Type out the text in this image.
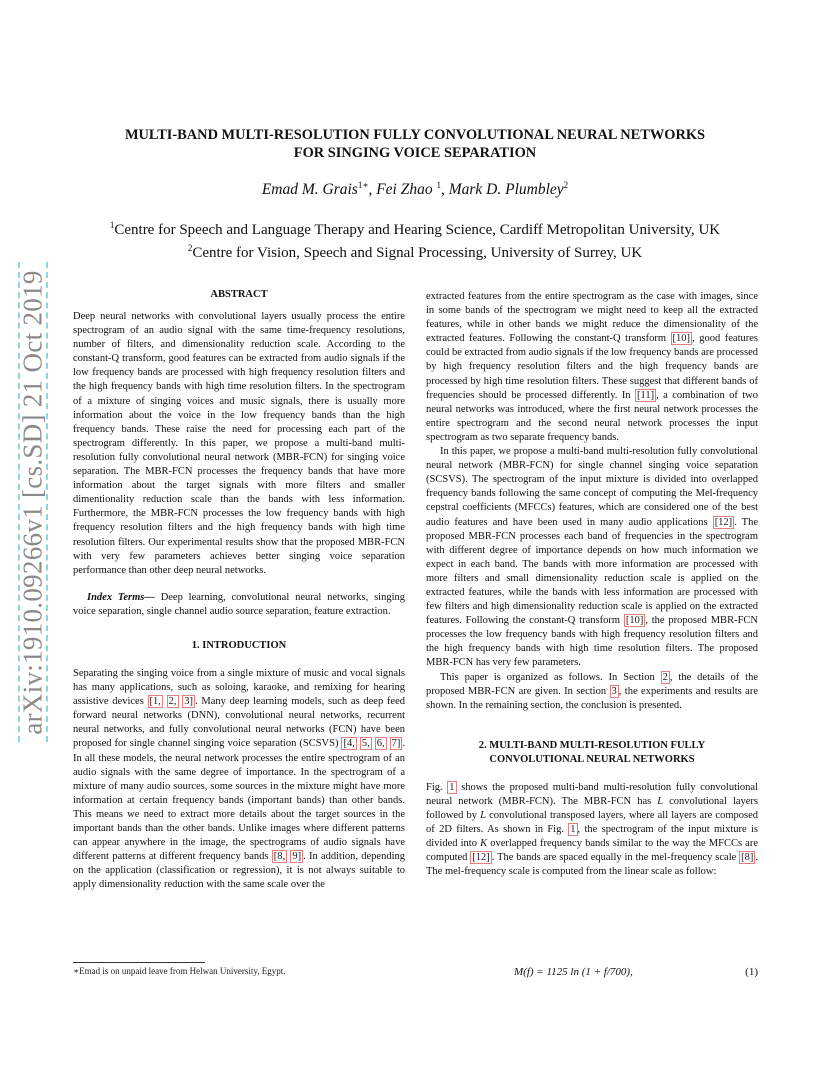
arXiv:1910.09266v1 [cs.SD] 21 Oct 2019
MULTI-BAND MULTI-RESOLUTION FULLY CONVOLUTIONAL NEURAL NETWORKS
FOR SINGING VOICE SEPARATION
Emad M. Grais$^{1∗}$, Fei Zhao $^1$, Mark D. Plumbley$^2$
$^1$Centre for Speech and Language Therapy and Hearing Science, Cardiff Metropolitan University, UK
$^2$Centre for Vision, Speech and Signal Processing, University of Surrey, UK
ABSTRACT

Deep neural networks with convolutional layers usually process the entire spectrogram of an audio signal with the same time-frequency resolutions, number of filters, and dimensionality reduction scale. According to the constant-Q transform, good features can be extracted from audio signals if the low frequency bands are processed with high frequency resolution filters and the high frequency bands with high time resolution filters. In the spectrogram of a mixture of singing voices and music signals, there is usually more information about the voice in the low frequency bands than the high frequency bands. These raise the need for processing each part of the spectrogram differently. In this paper, we propose a multi-band multi-resolution fully convolutional neural network (MBR-FCN) for singing voice separation. The MBR-FCN processes the frequency bands that have more information about the target signals with more filters and smaller dimentionality reduction scale than the bands with less information. Furthermore, the MBR-FCN processes the low frequency bands with high frequency resolution filters and the high frequency bands with high time resolution filters. Our experimental results show that the proposed MBR-FCN with very few parameters achieves better singing voice separation performance than other deep neural networks.

Index Terms— Deep learning, convolutional neural networks, singing voice separation, single channel audio source separation, feature extraction.

1. INTRODUCTION

Separating the singing voice from a single mixture of music and vocal signals has many applications, such as soloing, karaoke, and remixing for hearing assistive devices [1, 2, 3] . Many deep learning models, such as deep feed forward neural networks (DNN), convolutional neural networks, recurrent neural networks, and fully convolutional neural networks (FCN) have been proposed for single channel singing voice separation (SCSVS) [4, 5, 6, 7] . In all these models, the neural network processes the entire spectrogram of an audio signals with the same degree of importance. In the spectrogram of a mixture of many audio sources, some sources in the mixture might have more information at certain frequency bands (important bands) than other bands. This means we need to extract more details about the target sources in the important bands than the other bands. Unlike images where different patterns can appear anywhere in the image, the spectrograms of audio signals have different patterns at different frequency bands [8, 9] . In addition, depending on the application (classification or regression), it is not always suitable to apply dimensionality reduction with the same scale over the

extracted features from the entire spectrogram as the case with images, since in some bands of the spectrogram we might need to keep all the extracted features, while in other bands we might reduce the dimensionality of the extracted features. Following the constant-Q transform [10] , good features could be extracted from audio signals if the low frequency bands are processed by high frequency resolution filters and the high frequency bands are processed by high time resolution filters. These suggest that different bands of frequencies should be processed differently. In [11] , a combination of two neural networks was introduced, where the first neural network processes the entire spectrogram and the second neural network processes the input spectrogram as two separate frequency bands.

In this paper, we propose a multi-band multi-resolution fully convolutional neural network (MBR-FCN) for single channel singing voice separation (SCSVS). The spectrogram of the input mixture is divided into overlapped frequency bands following the same concept of computing the Mel-frequency cepstral coefficients (MFCCs) features, which are considered one of the best audio features and have been used in many audio applications [12] . The proposed MBR-FCN processes each band of frequencies in the spectrogram with different degree of importance depends on how much information we expect in each band. The bands with more information are processed with more filters and small dimensionality reduction scale is applied on the extracted features, while the bands with less information are processed with few filters and high dimensionality reduction scale is applied on the extracted features. Following the constant-Q transform [10] , the proposed MBR-FCN processes the low frequency bands with high frequency resolution filters and the high frequency bands with high time resolution filters. The proposed MBR-FCN has very few parameters.

This paper is organized as follows. In Section 2 , the details of the proposed MBR-FCN are given. In section 3 , the experiments and results are shown. In the remaining section, the conclusion is presented.

2. MULTI-BAND MULTI-RESOLUTION FULLY
CONVOLUTIONAL NEURAL NETWORKS

Fig. 1 shows the proposed multi-band multi-resolution fully convolutional neural network (MBR-FCN). The MBR-FCN has L convolutional layers followed by L convolutional transposed layers, where all layers are composed of 2D filters. As shown in Fig. 1 , the spectrogram of the input mixture is divided into K overlapped frequency bands similar to the way the MFCCs are computed [12] . The bands are spaced equally in the mel-frequency scale [8] . The mel-frequency scale is computed from the linear scale as follow:

∗Emad is on unpaid leave from Helwan University, Egypt.	M(f) = 1125 ln (1 + f/700),	(1)
